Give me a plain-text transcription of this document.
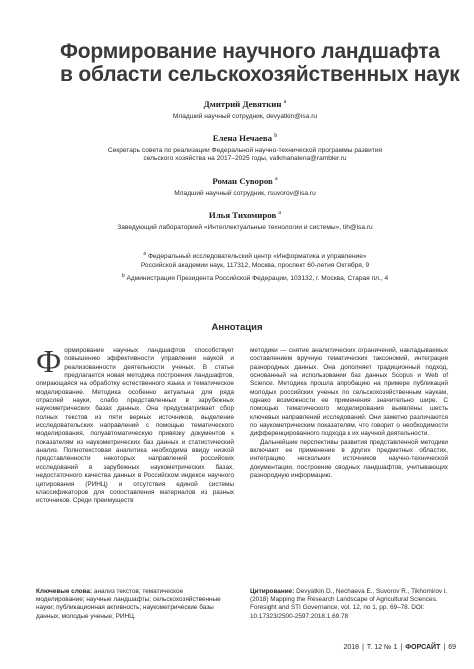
Формирование научного ландшафта
в области сельскохозяйственных наук
Дмитрий Девяткин $^a$
Младший научный сотрудник, devyatkin@isa.ru
Елена Нечаева $^b$
Секретарь совета по реализации Федеральной научно-технической программы развития
сельского хозяйства на 2017–2025 годы, valkmanalena@rambler.ru
Роман Суворов $^a$
Младший научный сотрудник, rsuvorov@isa.ru
Илья Тихомиров $^a$
Заведующий лабораторией «Интеллектуальные технологии и системы», tih@isa.ru
$^a$ Федеральный исследовательский центр «Информатика и управление»
Российской академии наук, 117312, Москва, проспект 60-летия Октября, 9
$^b$ Администрация Президента Российской Федерации, 103132, г. Москва, Старая пл., 4
Аннотация

Формирование научных ландшафтов способствует повышению эффективности управления наукой и реализованности деятельности ученых. В статье предлагается новая методика построения ландшафтов, опирающаяся на обработку естественного языка и тематическое моделирование. Методика особенно актуальна для ряда отраслей науки, слабо представленных в зарубежных наукометрических базах данных. Она предусматривает сбор полных текстов из пяти верных источников, выделение исследовательских направлений с помощью тематического моделирования, полуавтоматическую привязку документов к показателям из наукометрических баз данных и статистический анализ. Полнотекстовая аналитика необходима ввиду низкой представленности некоторых направлений российских исследований в зарубежных наукометрических базах, недостаточного качества данных в Российском индексе научного цитирования (РИНЦ) и отсутствия единой системы классификаторов для сопоставления материалов из разных источников. Среди преимуществ

методики — снятие аналитических ограничений, накладываемых составлением вручную тематических таксономий, интеграция разнородных данных. Она дополняет традиционный подход, основанный на использовании баз данных Scopus и Web of Science. Методика прошла апробацию на примере публикаций молодых российских ученых по сельскохозяйственным наукам, однако возможности ее применения значительно шире. С помощью тематического моделирования выявлены шесть ключевых направлений исследований. Они заметно различаются по наукометрическим показателям, что говорит о необходимости дифференцированного подхода к их научной деятельности.

Дальнейшие перспективы развития представленной методики включают ее применение в других предметных областях, интеграцию нескольких источников научно-технической документации, построение сводных ландшафтов, учитывающих разнородную информацию.

Ключевые слова: анализ текстов; тематическое моделирование; научные ландшафты; сельскохозяйственные науки; публикационная активность; наукометрические базы данных; молодые ученые; РИНЦ.
Цитирование: Devyatkin D., Nechaeva E., Suvorov R., Tikhomirov I. (2018) Mapping the Research Landscape of Agricultural Sciences. Foresight and STI Governance, vol. 12, no 1, pp. 69–78. DOI: 10.17323/2500-2597.2018.1.69.78
2018 | Т. 12 № 1 | ФОРСАЙТ | 69
